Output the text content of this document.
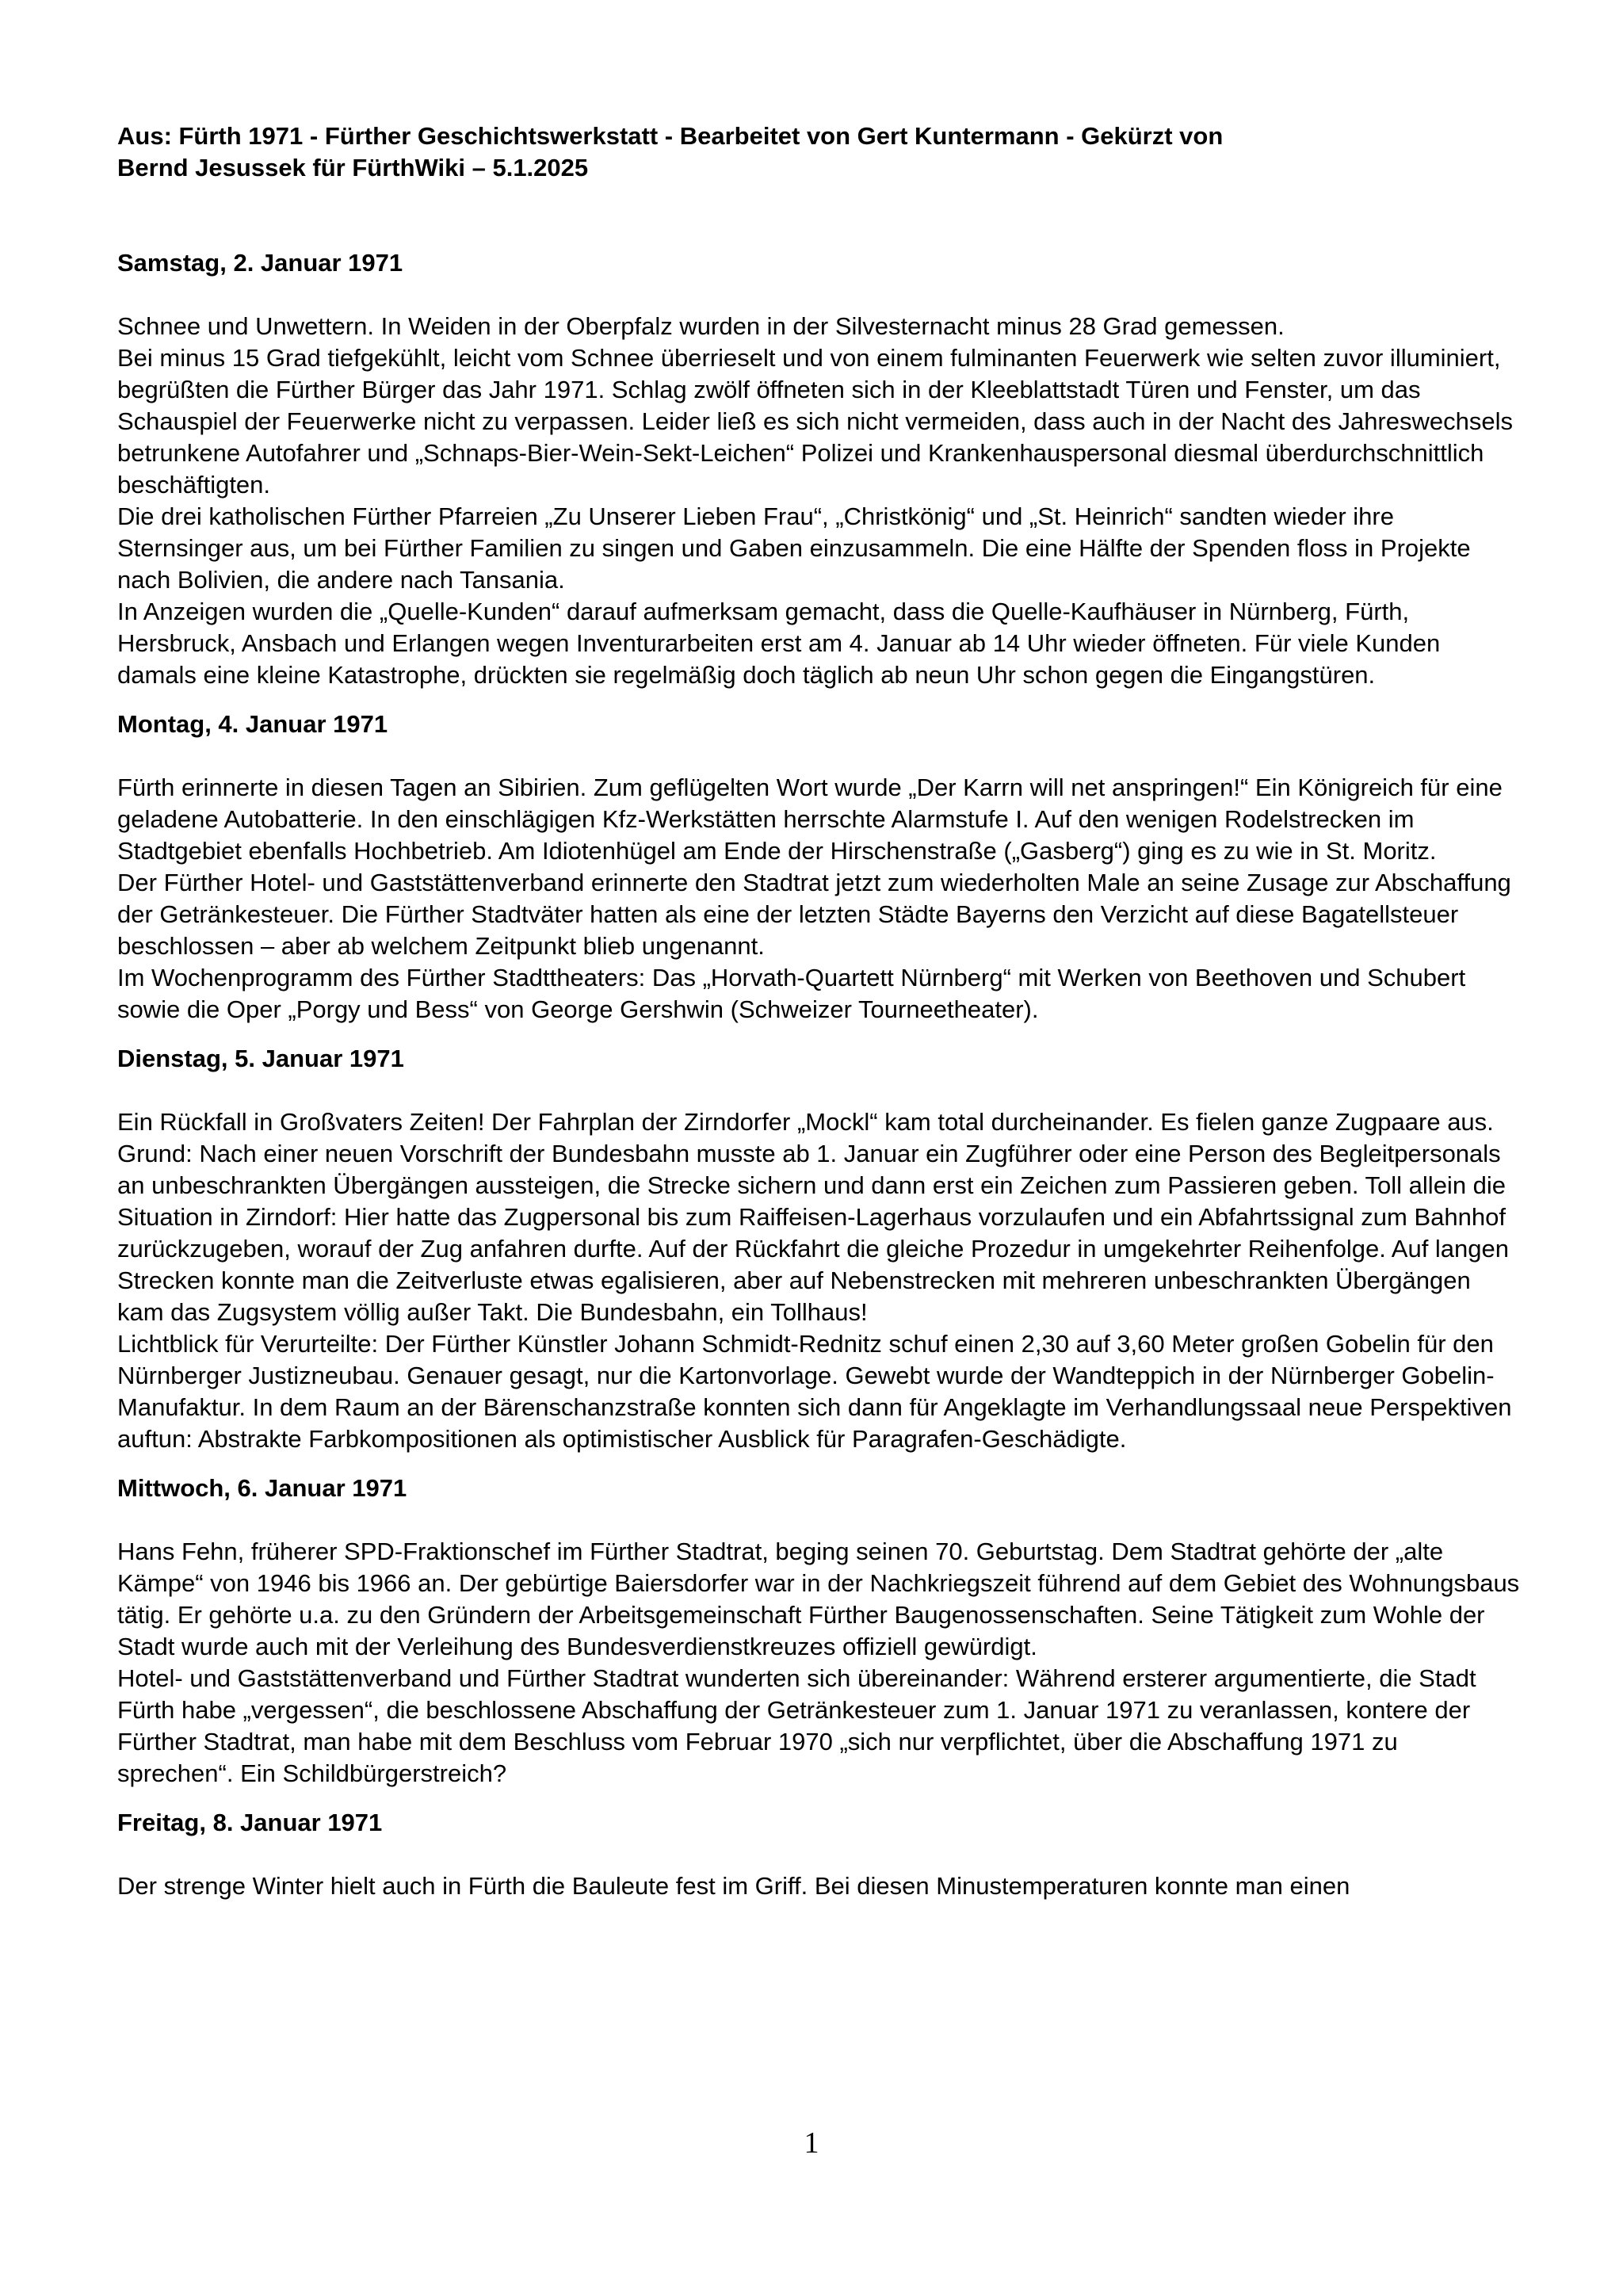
Aus: Fürth 1971 - Fürther Geschichtswerkstatt - Bearbeitet von Gert Kuntermann - Gekürzt von
Bernd Jesussek für FürthWiki – 5.1.2025
Samstag, 2. Januar 1971

Schnee und Unwettern. In Weiden in der Oberpfalz wurden in der Silvesternacht minus 28 Grad gemessen.

Bei minus 15 Grad tiefgekühlt, leicht vom Schnee überrieselt und von einem fulminanten Feuerwerk wie selten zuvor illuminiert, begrüßten die Fürther Bürger das Jahr 1971. Schlag zwölf öffneten sich in der Kleeblattstadt Türen und Fenster, um das Schauspiel der Feuerwerke nicht zu verpassen. Leider ließ es sich nicht vermeiden, dass auch in der Nacht des Jahreswechsels betrunkene Autofahrer und „Schnaps-Bier-Wein-Sekt-Leichen“ Polizei und Krankenhauspersonal diesmal überdurchschnittlich beschäftigten.

Die drei katholischen Fürther Pfarreien „Zu Unserer Lieben Frau“, „Christkönig“ und „St. Heinrich“ sandten wieder ihre Sternsinger aus, um bei Fürther Familien zu singen und Gaben einzusammeln. Die eine Hälfte der Spenden floss in Projekte nach Bolivien, die andere nach Tansania.

In Anzeigen wurden die „Quelle-Kunden“ darauf aufmerksam gemacht, dass die Quelle-Kaufhäuser in Nürnberg, Fürth, Hersbruck, Ansbach und Erlangen wegen Inventurarbeiten erst am 4. Januar ab 14 Uhr wieder öffneten. Für viele Kunden damals eine kleine Katastrophe, drückten sie regelmäßig doch täglich ab neun Uhr schon gegen die Eingangstüren.

Montag, 4. Januar 1971

Fürth erinnerte in diesen Tagen an Sibirien. Zum geflügelten Wort wurde „Der Karrn will net anspringen!“ Ein Königreich für eine geladene Autobatterie. In den einschlägigen Kfz-Werkstätten herrschte Alarmstufe I. Auf den wenigen Rodelstrecken im Stadtgebiet ebenfalls Hochbetrieb. Am Idiotenhügel am Ende der Hirschenstraße („Gasberg“) ging es zu wie in St. Moritz.

Der Fürther Hotel- und Gaststättenverband erinnerte den Stadtrat jetzt zum wiederholten Male an seine Zusage zur Abschaffung der Getränkesteuer. Die Fürther Stadtväter hatten als eine der letzten Städte Bayerns den Verzicht auf diese Bagatellsteuer beschlossen – aber ab welchem Zeitpunkt blieb ungenannt.

Im Wochenprogramm des Fürther Stadttheaters: Das „Horvath-Quartett Nürnberg“ mit Werken von Beethoven und Schubert sowie die Oper „Porgy und Bess“ von George Gershwin (Schweizer Tourneetheater).

Dienstag, 5. Januar 1971

Ein Rückfall in Großvaters Zeiten! Der Fahrplan der Zirndorfer „Mockl“ kam total durcheinander. Es fielen ganze Zugpaare aus. Grund: Nach einer neuen Vorschrift der Bundesbahn musste ab 1. Januar ein Zugführer oder eine Person des Begleitpersonals an unbeschrankten Übergängen aussteigen, die Strecke sichern und dann erst ein Zeichen zum Passieren geben. Toll allein die Situation in Zirndorf: Hier hatte das Zugpersonal bis zum Raiffeisen-Lagerhaus vorzulaufen und ein Abfahrtssignal zum Bahnhof zurückzugeben, worauf der Zug anfahren durfte. Auf der Rückfahrt die gleiche Prozedur in umgekehrter Reihenfolge. Auf langen Strecken konnte man die Zeitverluste etwas egalisieren, aber auf Nebenstrecken mit mehreren unbeschrankten Übergängen kam das Zugsystem völlig außer Takt. Die Bundesbahn, ein Tollhaus!

Lichtblick für Verurteilte: Der Fürther Künstler Johann Schmidt-Rednitz schuf einen 2,30 auf 3,60 Meter großen Gobelin für den Nürnberger Justizneubau. Genauer gesagt, nur die Kartonvorlage. Gewebt wurde der Wandteppich in der Nürnberger Gobelin-Manufaktur. In dem Raum an der Bärenschanzstraße konnten sich dann für Angeklagte im Verhandlungssaal neue Perspektiven auftun: Abstrakte Farbkompositionen als optimistischer Ausblick für Paragrafen-Geschädigte.

Mittwoch, 6. Januar 1971

Hans Fehn, früherer SPD-Fraktionschef im Fürther Stadtrat, beging seinen 70. Geburtstag. Dem Stadtrat gehörte der „alte Kämpe“ von 1946 bis 1966 an. Der gebürtige Baiersdorfer war in der Nachkriegszeit führend auf dem Gebiet des Wohnungsbaus tätig. Er gehörte u.a. zu den Gründern der Arbeitsgemeinschaft Fürther Baugenossenschaften. Seine Tätigkeit zum Wohle der Stadt wurde auch mit der Verleihung des Bundesverdienstkreuzes offiziell gewürdigt.

Hotel- und Gaststättenverband und Fürther Stadtrat wunderten sich übereinander: Während ersterer argumentierte, die Stadt Fürth habe „vergessen“, die beschlossene Abschaffung der Getränkesteuer zum 1. Januar 1971 zu veranlassen, kontere der Fürther Stadtrat, man habe mit dem Beschluss vom Februar 1970 „sich nur verpflichtet, über die Abschaffung 1971 zu sprechen“. Ein Schildbürgerstreich?

Freitag, 8. Januar 1971

Der strenge Winter hielt auch in Fürth die Bauleute fest im Griff. Bei diesen Minustemperaturen konnte man einen

1
